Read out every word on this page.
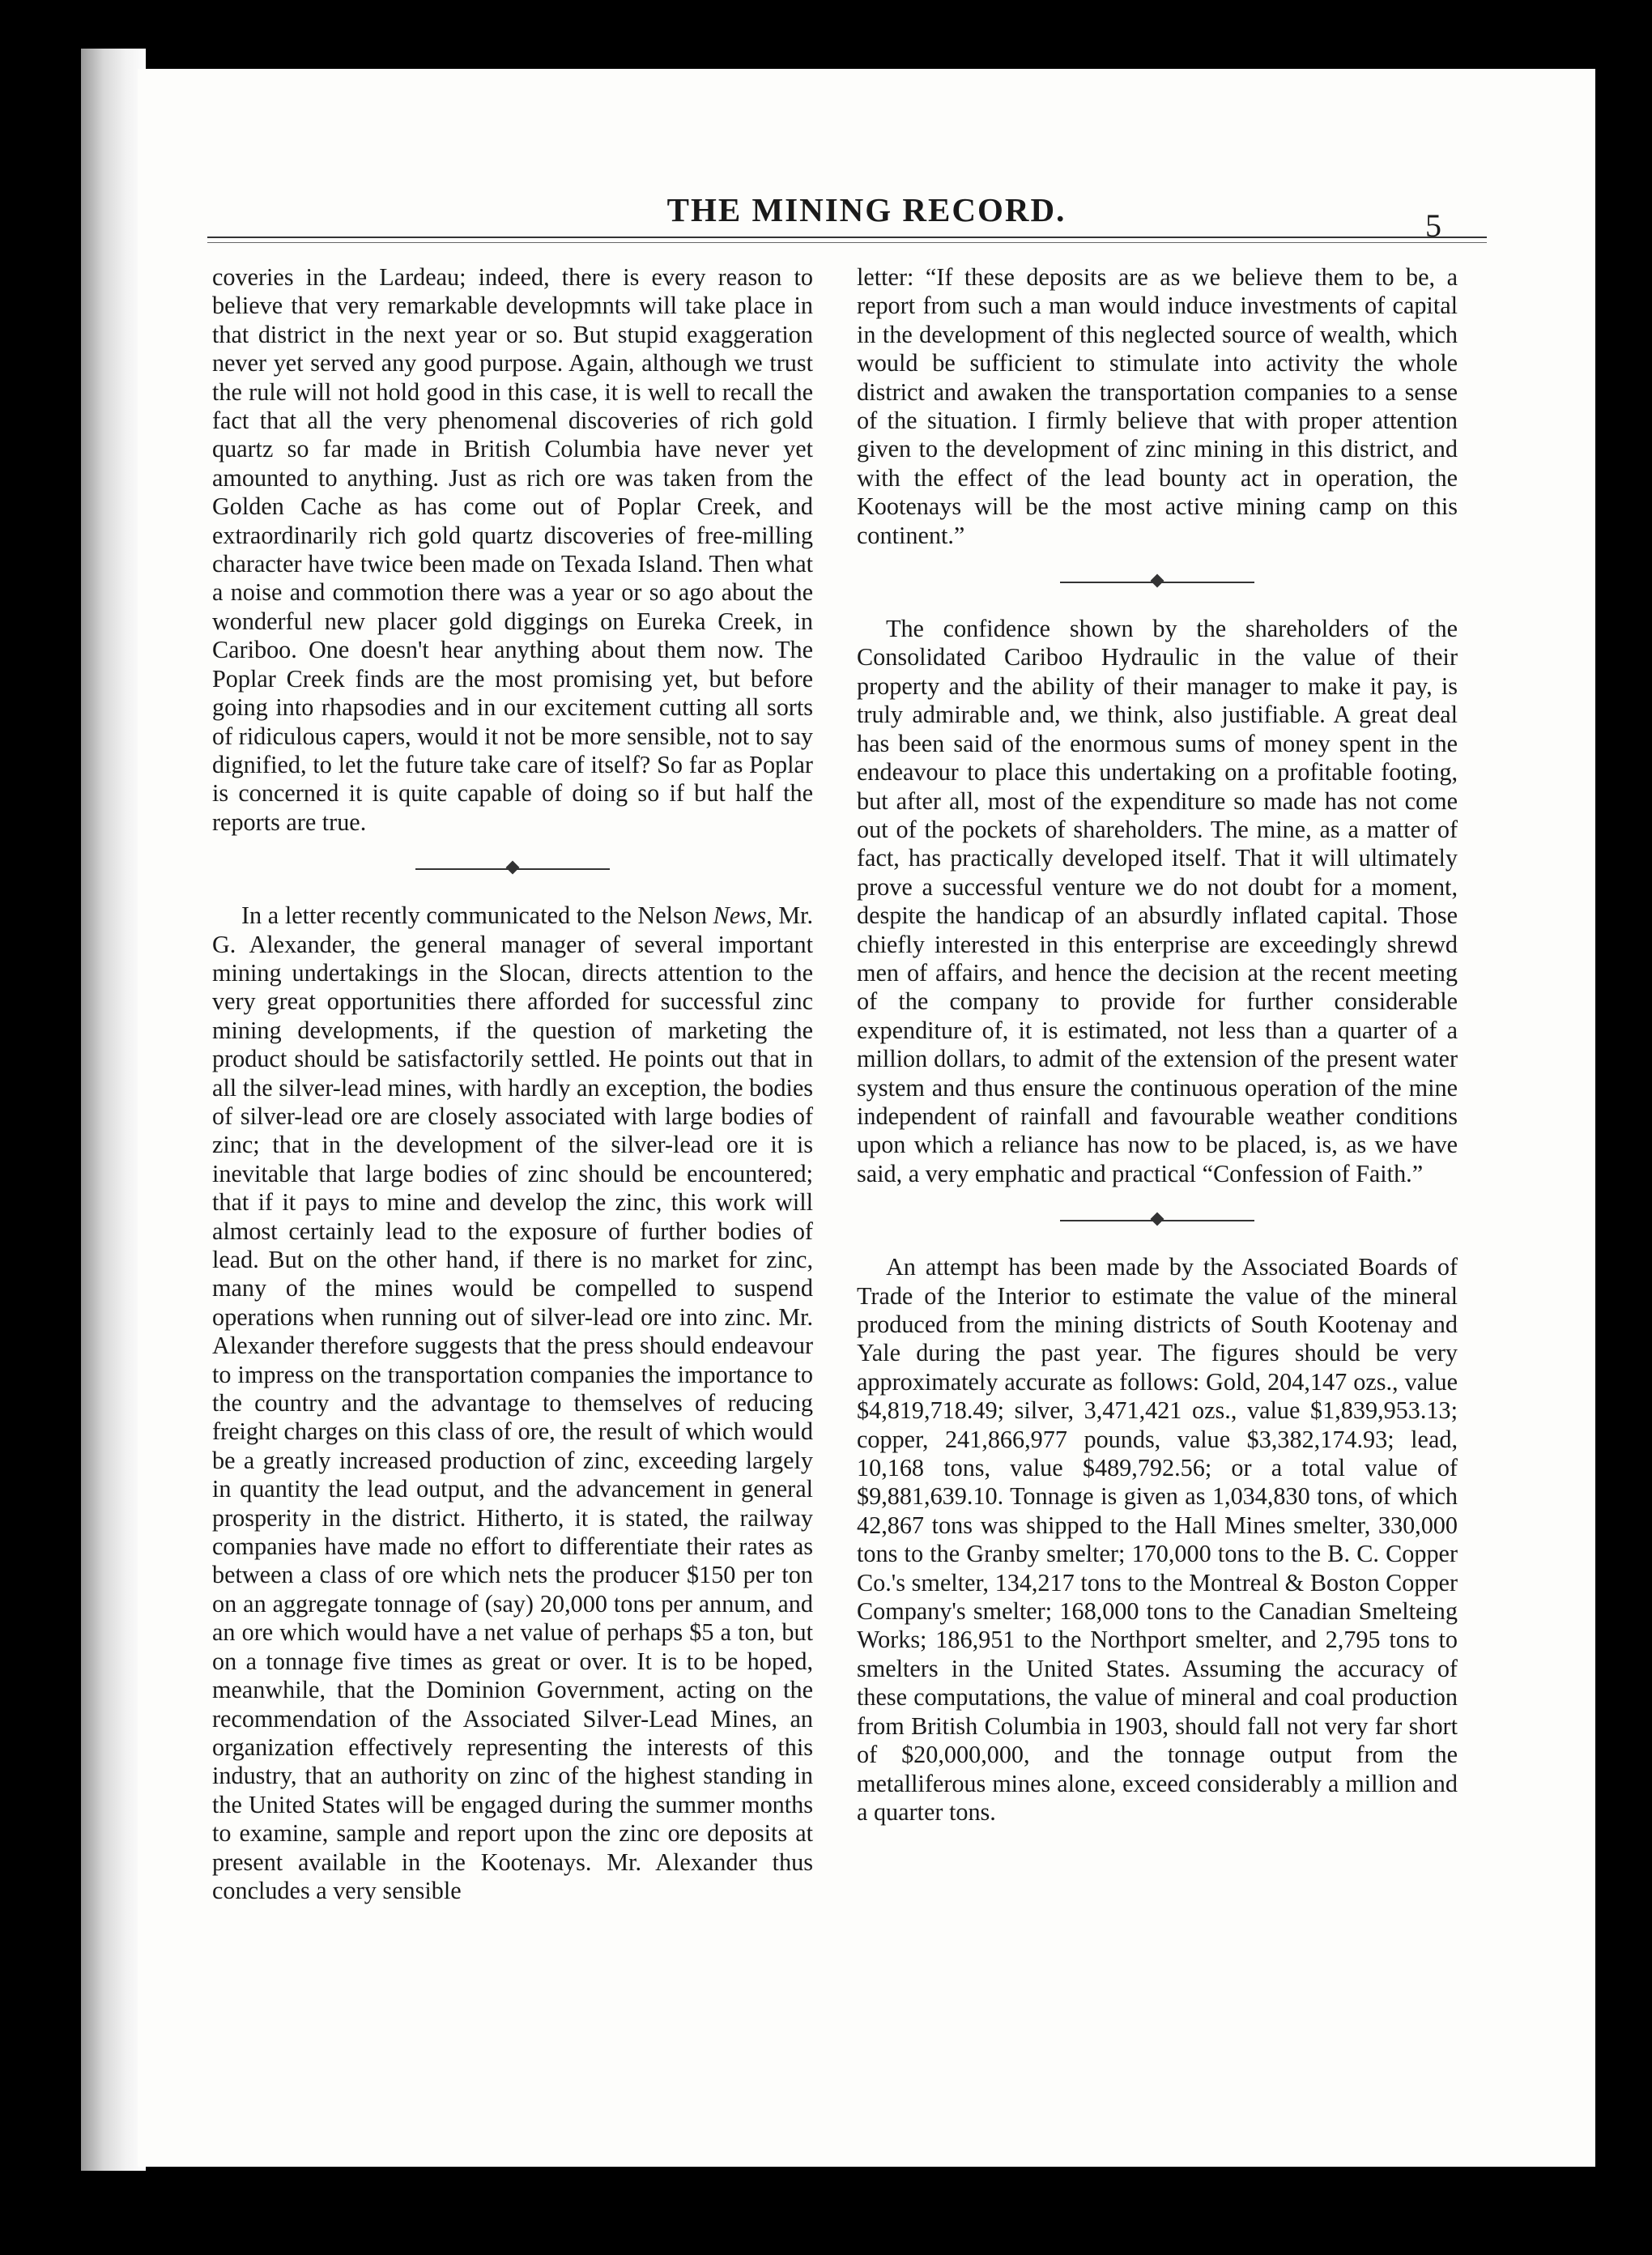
THE MINING RECORD.	5

coveries in the Lardeau; indeed, there is every reason to believe that very remarkable developmnts will take place in that district in the next year or so. But stupid exaggeration never yet served any good purpose. Again, although we trust the rule will not hold good in this case, it is well to recall the fact that all the very phenomenal discoveries of rich gold quartz so far made in British Columbia have never yet amounted to anything. Just as rich ore was taken from the Golden Cache as has come out of Poplar Creek, and extraordinarily rich gold quartz discoveries of free-milling character have twice been made on Texada Island. Then what a noise and commotion there was a year or so ago about the wonderful new placer gold diggings on Eureka Creek, in Cariboo. One doesn't hear anything about them now. The Poplar Creek finds are the most promising yet, but before going into rhapsodies and in our excitement cutting all sorts of ridiculous capers, would it not be more sensible, not to say dignified, to let the future take care of itself? So far as Poplar is concerned it is quite capable of doing so if but half the reports are true.

In a letter recently communicated to the Nelson News, Mr. G. Alexander, the general manager of several important mining undertakings in the Slocan, directs attention to the very great opportunities there afforded for successful zinc mining developments, if the question of marketing the product should be satisfactorily settled. He points out that in all the silver-lead mines, with hardly an exception, the bodies of silver-lead ore are closely associated with large bodies of zinc; that in the development of the silver-lead ore it is inevitable that large bodies of zinc should be encountered; that if it pays to mine and develop the zinc, this work will almost certainly lead to the exposure of further bodies of lead. But on the other hand, if there is no market for zinc, many of the mines would be compelled to suspend operations when running out of silver-lead ore into zinc. Mr. Alexander therefore suggests that the press should endeavour to impress on the transportation companies the importance to the country and the advantage to themselves of reducing freight charges on this class of ore, the result of which would be a greatly increased production of zinc, exceeding largely in quantity the lead output, and the advancement in general prosperity in the district. Hitherto, it is stated, the railway companies have made no effort to differentiate their rates as between a class of ore which nets the producer $150 per ton on an aggregate tonnage of (say) 20,000 tons per annum, and an ore which would have a net value of perhaps $5 a ton, but on a tonnage five times as great or over. It is to be hoped, meanwhile, that the Dominion Government, acting on the recommendation of the Associated Silver-Lead Mines, an organization effectively representing the interests of this industry, that an authority on zinc of the highest standing in the United States will be engaged during the summer months to examine, sample and report upon the zinc ore deposits at present available in the Kootenays. Mr. Alexander thus concludes a very sensible

letter: “If these deposits are as we believe them to be, a report from such a man would induce investments of capital in the development of this neglected source of wealth, which would be sufficient to stimulate into activity the whole district and awaken the transportation companies to a sense of the situation. I firmly believe that with proper attention given to the development of zinc mining in this district, and with the effect of the lead bounty act in operation, the Kootenays will be the most active mining camp on this continent.”

The confidence shown by the shareholders of the Consolidated Cariboo Hydraulic in the value of their property and the ability of their manager to make it pay, is truly admirable and, we think, also justifiable. A great deal has been said of the enormous sums of money spent in the endeavour to place this undertaking on a profitable footing, but after all, most of the expenditure so made has not come out of the pockets of shareholders. The mine, as a matter of fact, has practically developed itself. That it will ultimately prove a successful venture we do not doubt for a moment, despite the handicap of an absurdly inflated capital. Those chiefly interested in this enterprise are exceedingly shrewd men of affairs, and hence the decision at the recent meeting of the company to provide for further considerable expenditure of, it is estimated, not less than a quarter of a million dollars, to admit of the extension of the present water system and thus ensure the continuous operation of the mine independent of rainfall and favourable weather conditions upon which a reliance has now to be placed, is, as we have said, a very emphatic and practical “Confession of Faith.”

An attempt has been made by the Associated Boards of Trade of the Interior to estimate the value of the mineral produced from the mining districts of South Kootenay and Yale during the past year. The figures should be very approximately accurate as follows: Gold, 204,147 ozs., value $4,819,718.49; silver, 3,471,421 ozs., value $1,839,953.13; copper, 241,866,977 pounds, value $3,382,174.93; lead, 10,168 tons, value $489,792.56; or a total value of $9,881,639.10. Tonnage is given as 1,034,830 tons, of which 42,867 tons was shipped to the Hall Mines smelter, 330,000 tons to the Granby smelter; 170,000 tons to the B. C. Copper Co.'s smelter, 134,217 tons to the Montreal & Boston Copper Company's smelter; 168,000 tons to the Canadian Smelteing Works; 186,951 to the Northport smelter, and 2,795 tons to smelters in the United States. Assuming the accuracy of these computations, the value of mineral and coal production from British Columbia in 1903, should fall not very far short of $20,000,000, and the tonnage output from the metalliferous mines alone, exceed considerably a million and a quarter tons.
